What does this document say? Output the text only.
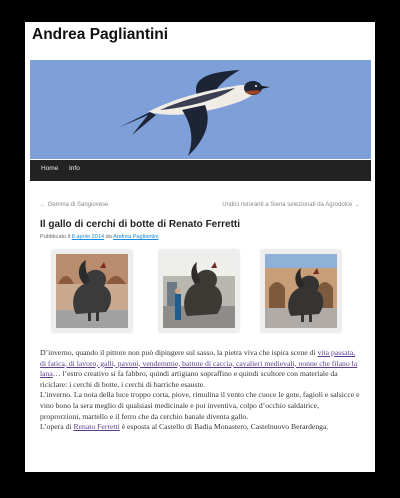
Andrea Pagliantini
Home Info
← Gemma di Sangiovese	Undici ristoranti a Siena selezionati da Agrodolce →
Il gallo di cerchi di botte di Renato Ferretti
Pubblicato il 8 aprile 2014 da Andrea Pagliantini

D’inverno, quando il pittore non può dipingere sul sasso, la pietra viva che ispira scene di vita passata, di fatica, di lavoro, galli, pavoni, vendemmie, battute di caccia, cavalieri medievali, nonne che filano la lana… l’estro creativo si fa fabbro, quindi artigiano sopraffino e quindi scultore con materiale da riciclare: i cerchi di botte, i cerchi di barriche esauste.

L’inverno. La noia della luce troppo corta, piove, rimulina il vento che cuoce le gote, fagioli e salsicce e vino bono la sera meglio di qualsiasi medicinale e poi inventiva, colpo d’occhio saldatrice, proprorzioni, martello e il ferro che da cerchio banale diventa gallo.

L’opera di Renato Ferretti è esposta al Castello di Badia Monastero, Castelnuovo Berardenga.
